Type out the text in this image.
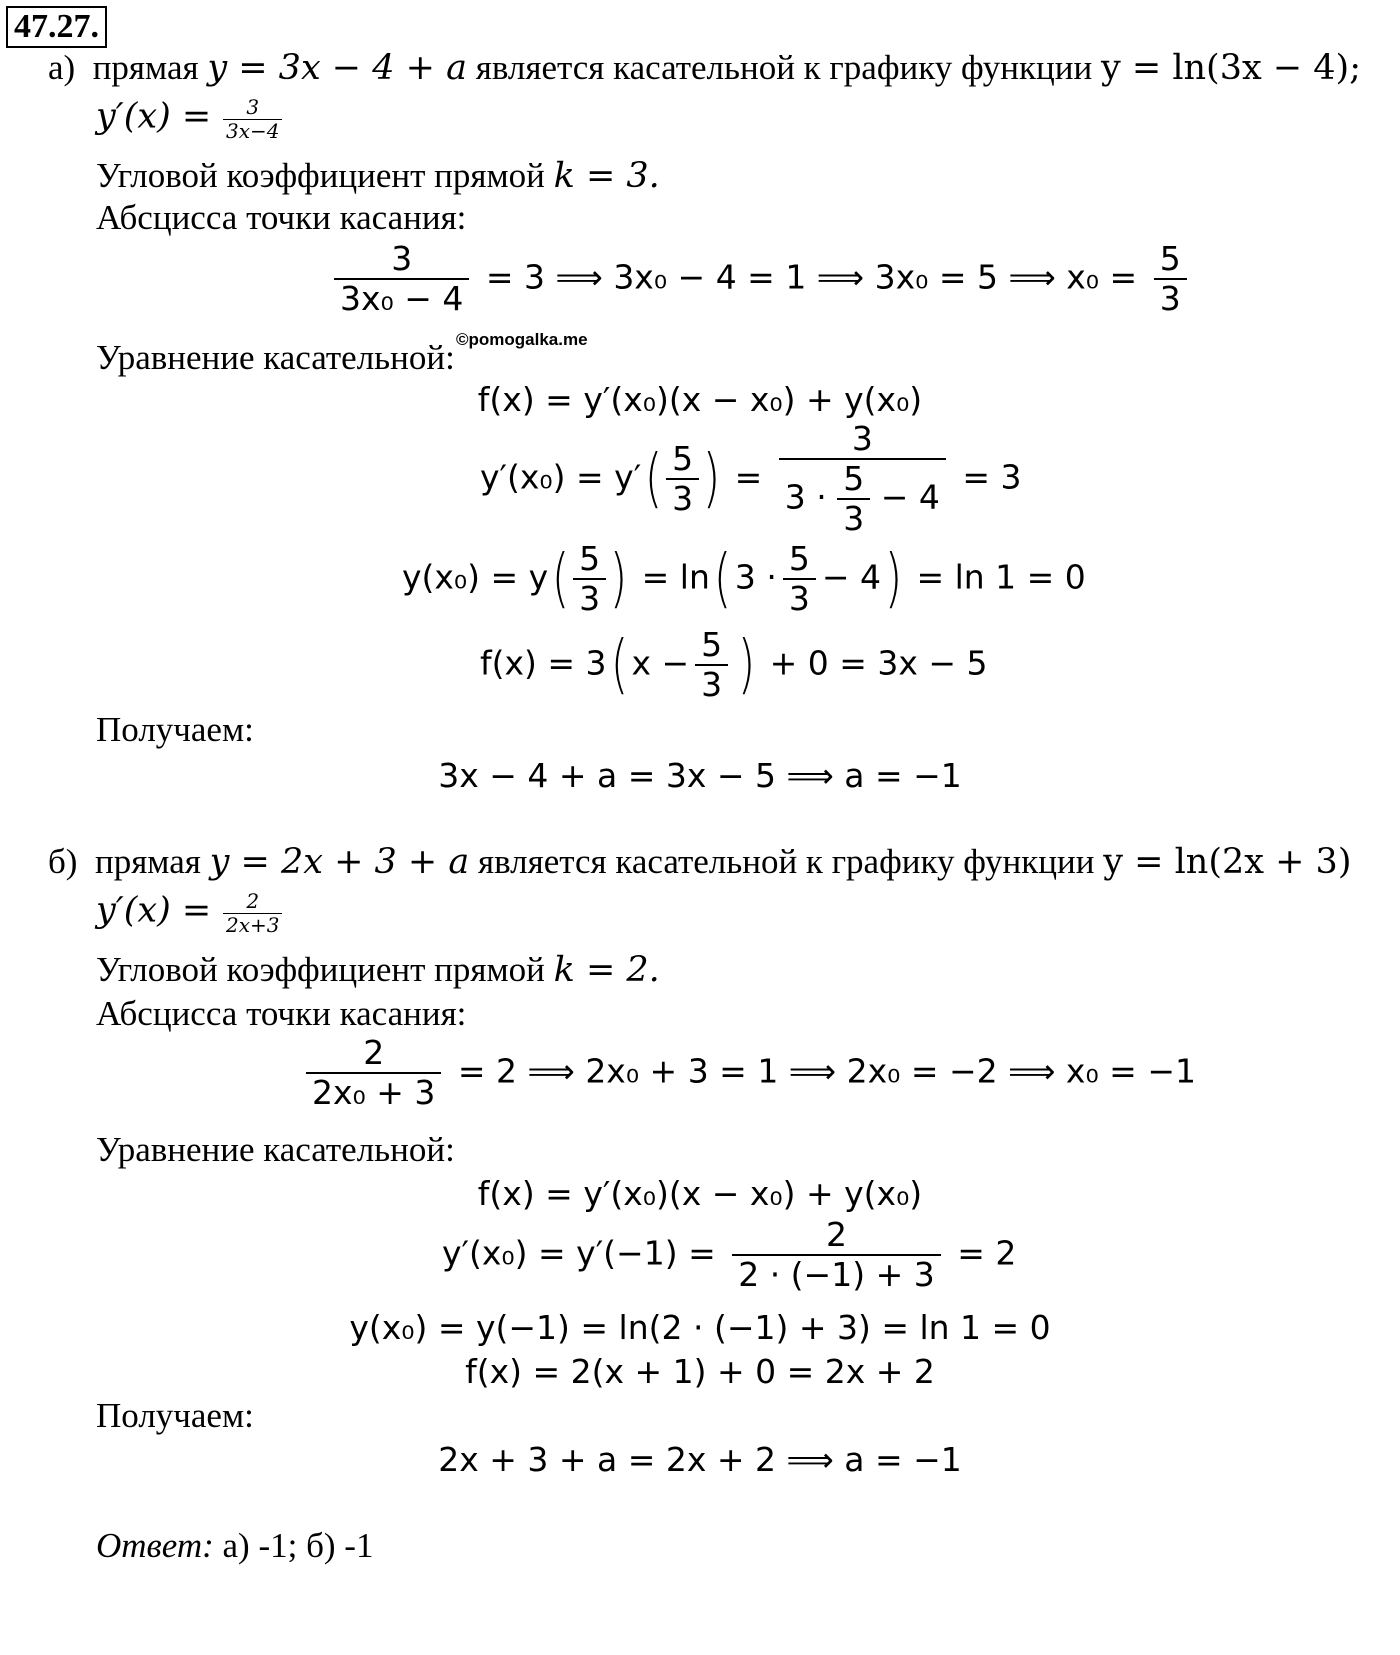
47.27.
а) прямая y = 3x − 4 + a является касательной к графику функции y = ln(3x − 4);
$y'(x) = \frac{3}{3x-4}$
Угловой коэффициент прямой k = 3.
Абсцисса точки касания:
$\frac{3}{\text{3x₀ − 4}} = 3$ ⟹ 3x₀ − 4 = 1 ⟹ 3x₀ = 5 ⟹ $x_0 = \frac{5}{3}$
©pomogalka.me
Уравнение касательной:
f(x) = y′(x₀)(x − x₀) + y(x₀)
$y'(x_0) = y'( \frac{5}{3}$ ) = $\frac{3}{3 \cdot \frac{5}{3} - 4} = 3$
$y(x_0) = y( \frac{5}{3}$ ) = ln( $3 \cdot \frac{5}{3} - 4) = \ln 1 = 0$
f(x) = 3( $x - \frac{5}{3}$ ) + 0 = 3x − 5
Получаем:
3x − 4 + a = 3x − 5 ⟹ a = −1
б) прямая y = 2x + 3 + a является касательной к графику функции y = ln(2x + 3)
$y'(x) = \frac{2}{2x+3}$
Угловой коэффициент прямой k = 2.
Абсцисса точки касания:
$\frac{2}{\text{2x₀ + 3}} = 2$ ⟹ 2x₀ + 3 = 1 ⟹ 2x₀ = −2 ⟹ x₀ = −1
Уравнение касательной:
f(x) = y′(x₀)(x − x₀) + y(x₀)
$y'(x_0) = y'(-1) = \frac{2}{2 \cdot (-1) + 3} = 2$
y(x₀) = y(−1) = ln(2 · (−1) + 3) = ln 1 = 0
f(x) = 2(x + 1) + 0 = 2x + 2
Получаем:
2x + 3 + a = 2x + 2 ⟹ a = −1
Ответ: а) -1; б) -1
